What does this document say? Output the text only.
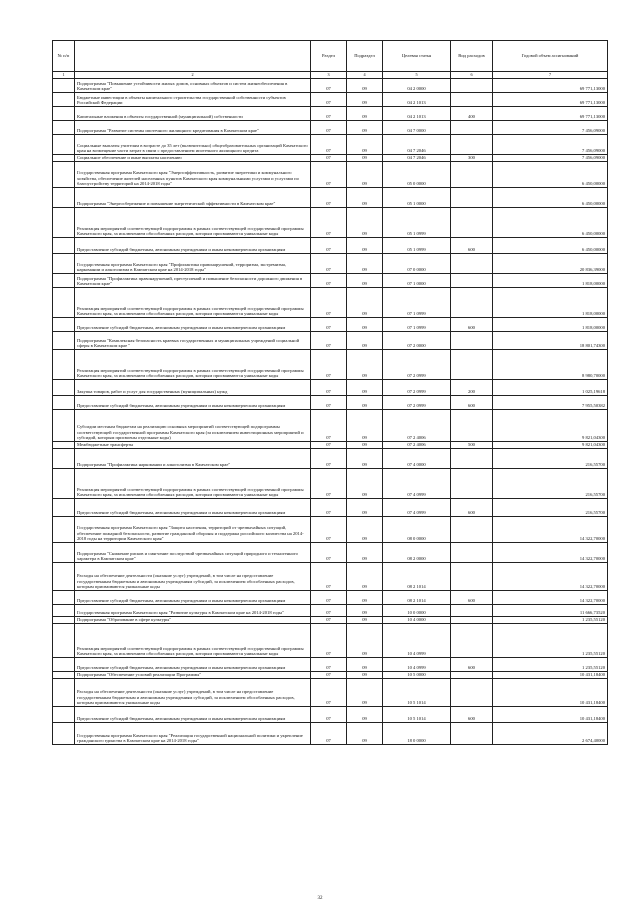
№ п/п		Раздел	Подраздел	Целевая статья	Вид расходов	Годовой объем ассигнований
1	2	3	4	5	6	7
	Подпрограмма "Повышение устойчивости жилых домов, основных объектов и систем жизнеобеспечения в Камчатском крае"	07	09	04 2 0000		69 771,13000
	Бюджетные инвестиции в объекты капитального строительства государственной собственности субъектов Российской Федерации	07	09	04 2 1013		69 771,13000
	Капитальные вложения в объекты государственной (муниципальной) собственности	07	09	04 2 1013	400	69 771,13000
	Подпрограмма "Развитие системы ипотечного жилищного кредитования в Камчатском крае"	07	09	04 7 0000		7 456,09000
	Социальные выплаты учителям в возрасте до 35 лет (включительно) общеобразовательных организаций Камчатского края на возмещение части затрат в связи с предоставлением ипотечного жилищного кредита	07	09	04 7 2046		7 456,09000
	Социальное обеспечение и иные выплаты населению	07	09	04 7 2046	300	7 456,09000
	Государственная программа Камчатского края "Энергоэффективность, развитие энергетики и коммунального хозяйства, обеспечение жителей населенных пунктов Камчатского края коммунальными услугами и услугами по благоустройству территорий на 2014-2018 годы"	07	09	05 0 0000		6 450,00000
	Подпрограмма "Энергосбережение и повышение энергетической эффективности в Камчатском крае"	07	09	05 1 0000		6 450,00000
	Реализация мероприятий соответствующей подпрограммы в рамках соответствующей государственной программы Камчатского края, за исключением обособленных расходов, которым присваиваются уникальные коды	07	09	05 1 0999		6 450,00000
	Предоставление субсидий бюджетным, автономным учреждениям и иным некоммерческим организациям	07	09	05 1 0999	600	6 450,00000
	Государственная программа Камчатского края "Профилактика правонарушений, терроризма, экстремизма, наркомании и алкоголизма в Камчатском крае на 2014-2018 годы"	07	09	07 0 0000		20 836,39000
	Подпрограмма "Профилактика правонарушений, преступлений и повышение безопасности дорожного движения в Камчатском крае"	07	09	07 1 0000		1 818,00000
	Реализация мероприятий соответствующей подпрограммы в рамках соответствующей государственной программы Камчатского края, за исключением обособленных расходов, которым присваиваются уникальные коды	07	09	07 1 0999		1 818,00000
	Предоставление субсидий бюджетным, автономным учреждениям и иным некоммерческим организациям	07	09	07 1 0999	600	1 818,00000
	Подпрограмма "Комплексная безопасность краевых государственных и муниципальных учреждений социальной сферы в Камчатском крае "	07	09	07 2 0000		18 801,74300
	Реализация мероприятий соответствующей подпрограммы в рамках соответствующей государственной программы Камчатского края, за исключением обособленных расходов, которым присваиваются уникальные коды	07	09	07 2 0999		8 980,70000
	Закупка товаров, работ и услуг для государственных (муниципальных) нужд	07	09	07 2 0999	200	1 025,19618
	Предоставление субсидий бюджетным, автономным учреждениям и иным некоммерческим организациям	07	09	07 2 0999	600	7 955,50382
	Субсидии местным бюджетам на реализацию основных мероприятий соответствующей подпрограммы соответствующей государственной программы Камчатского края (за исключением инвестиционных мероприятий и субсидий, которым присвоены отдельные коды)	07	09	07 2 4006		9 821,04300
	Межбюджетные трансферты	07	09	07 2 4006	500	9 821,04300
	Подпрограмма "Профилактика наркомании и алкоголизма в Камчатском крае"	07	09	07 4 0000		216,55700
	Реализация мероприятий соответствующей подпрограммы в рамках соответствующей государственной программы Камчатского края, за исключением обособленных расходов, которым присваиваются уникальные коды	07	09	07 4 0999		216,55700
	Предоставление субсидий бюджетным, автономным учреждениям и иным некоммерческим организациям	07	09	07 4 0999	600	216,55700
	Государственная программа Камчатского края "Защита населения, территорий от чрезвычайных ситуаций, обеспечение пожарной безопасности, развитие гражданской обороны и поддержка российского казачества на 2014-2018 годы на территории Камчатского края"	07	09	08 0 0000		14 322,70000
	Подпрограмма "Снижение рисков и смягчение последствий чрезвычайных ситуаций природного и техногенного характера в Камчатском крае"	07	09	08 2 0000		14 322,70000
	Расходы на обеспечение деятельности (оказание услуг) учреждений, в том числе на предоставление государственным бюджетным и автономным учреждениям субсидий, за исключением обособленных расходов, которым присваиваются уникальные коды	07	09	08 2 1014		14 322,70000
	Предоставление субсидий бюджетным, автономным учреждениям и иным некоммерческим организациям	07	09	08 2 1014	600	14 322,70000
	Государственная программа Камчатского края "Развитие культуры в Камчатском крае на 2014-2018 годы"	07	09	10 0 0000		11 666,73520
	Подпрограмма "Образование в сфере культуры"	07	09	10 4 0000		1 235,55120
	Реализация мероприятий соответствующей подпрограммы в рамках соответствующей государственной программы Камчатского края, за исключением обособленных расходов, которым присваиваются уникальные коды	07	09	10 4 0999		1 235,55120
	Предоставление субсидий бюджетным, автономным учреждениям и иным некоммерческим организациям	07	09	10 4 0999	600	1 235,55120
	Подпрограмма "Обеспечение условий реализации Программы"	07	09	10 5 0000		10 431,18400
	Расходы на обеспечение деятельности (оказание услуг) учреждений, в том числе на предоставление государственным бюджетным и автономным учреждениям субсидий, за исключением обособленных расходов, которым присваиваются уникальные коды	07	09	10 5 1014		10 431,18400
	Предоставление субсидий бюджетным, автономным учреждениям и иным некоммерческим организациям	07	09	10 5 1014	600	10 431,18400
	Государственная программа Камчатского края "Реализация государственной национальной политики и укрепление гражданского единства в Камчатском крае на 2014-2018 годы"	07	09	18 0 0000		2 674,40000
32
